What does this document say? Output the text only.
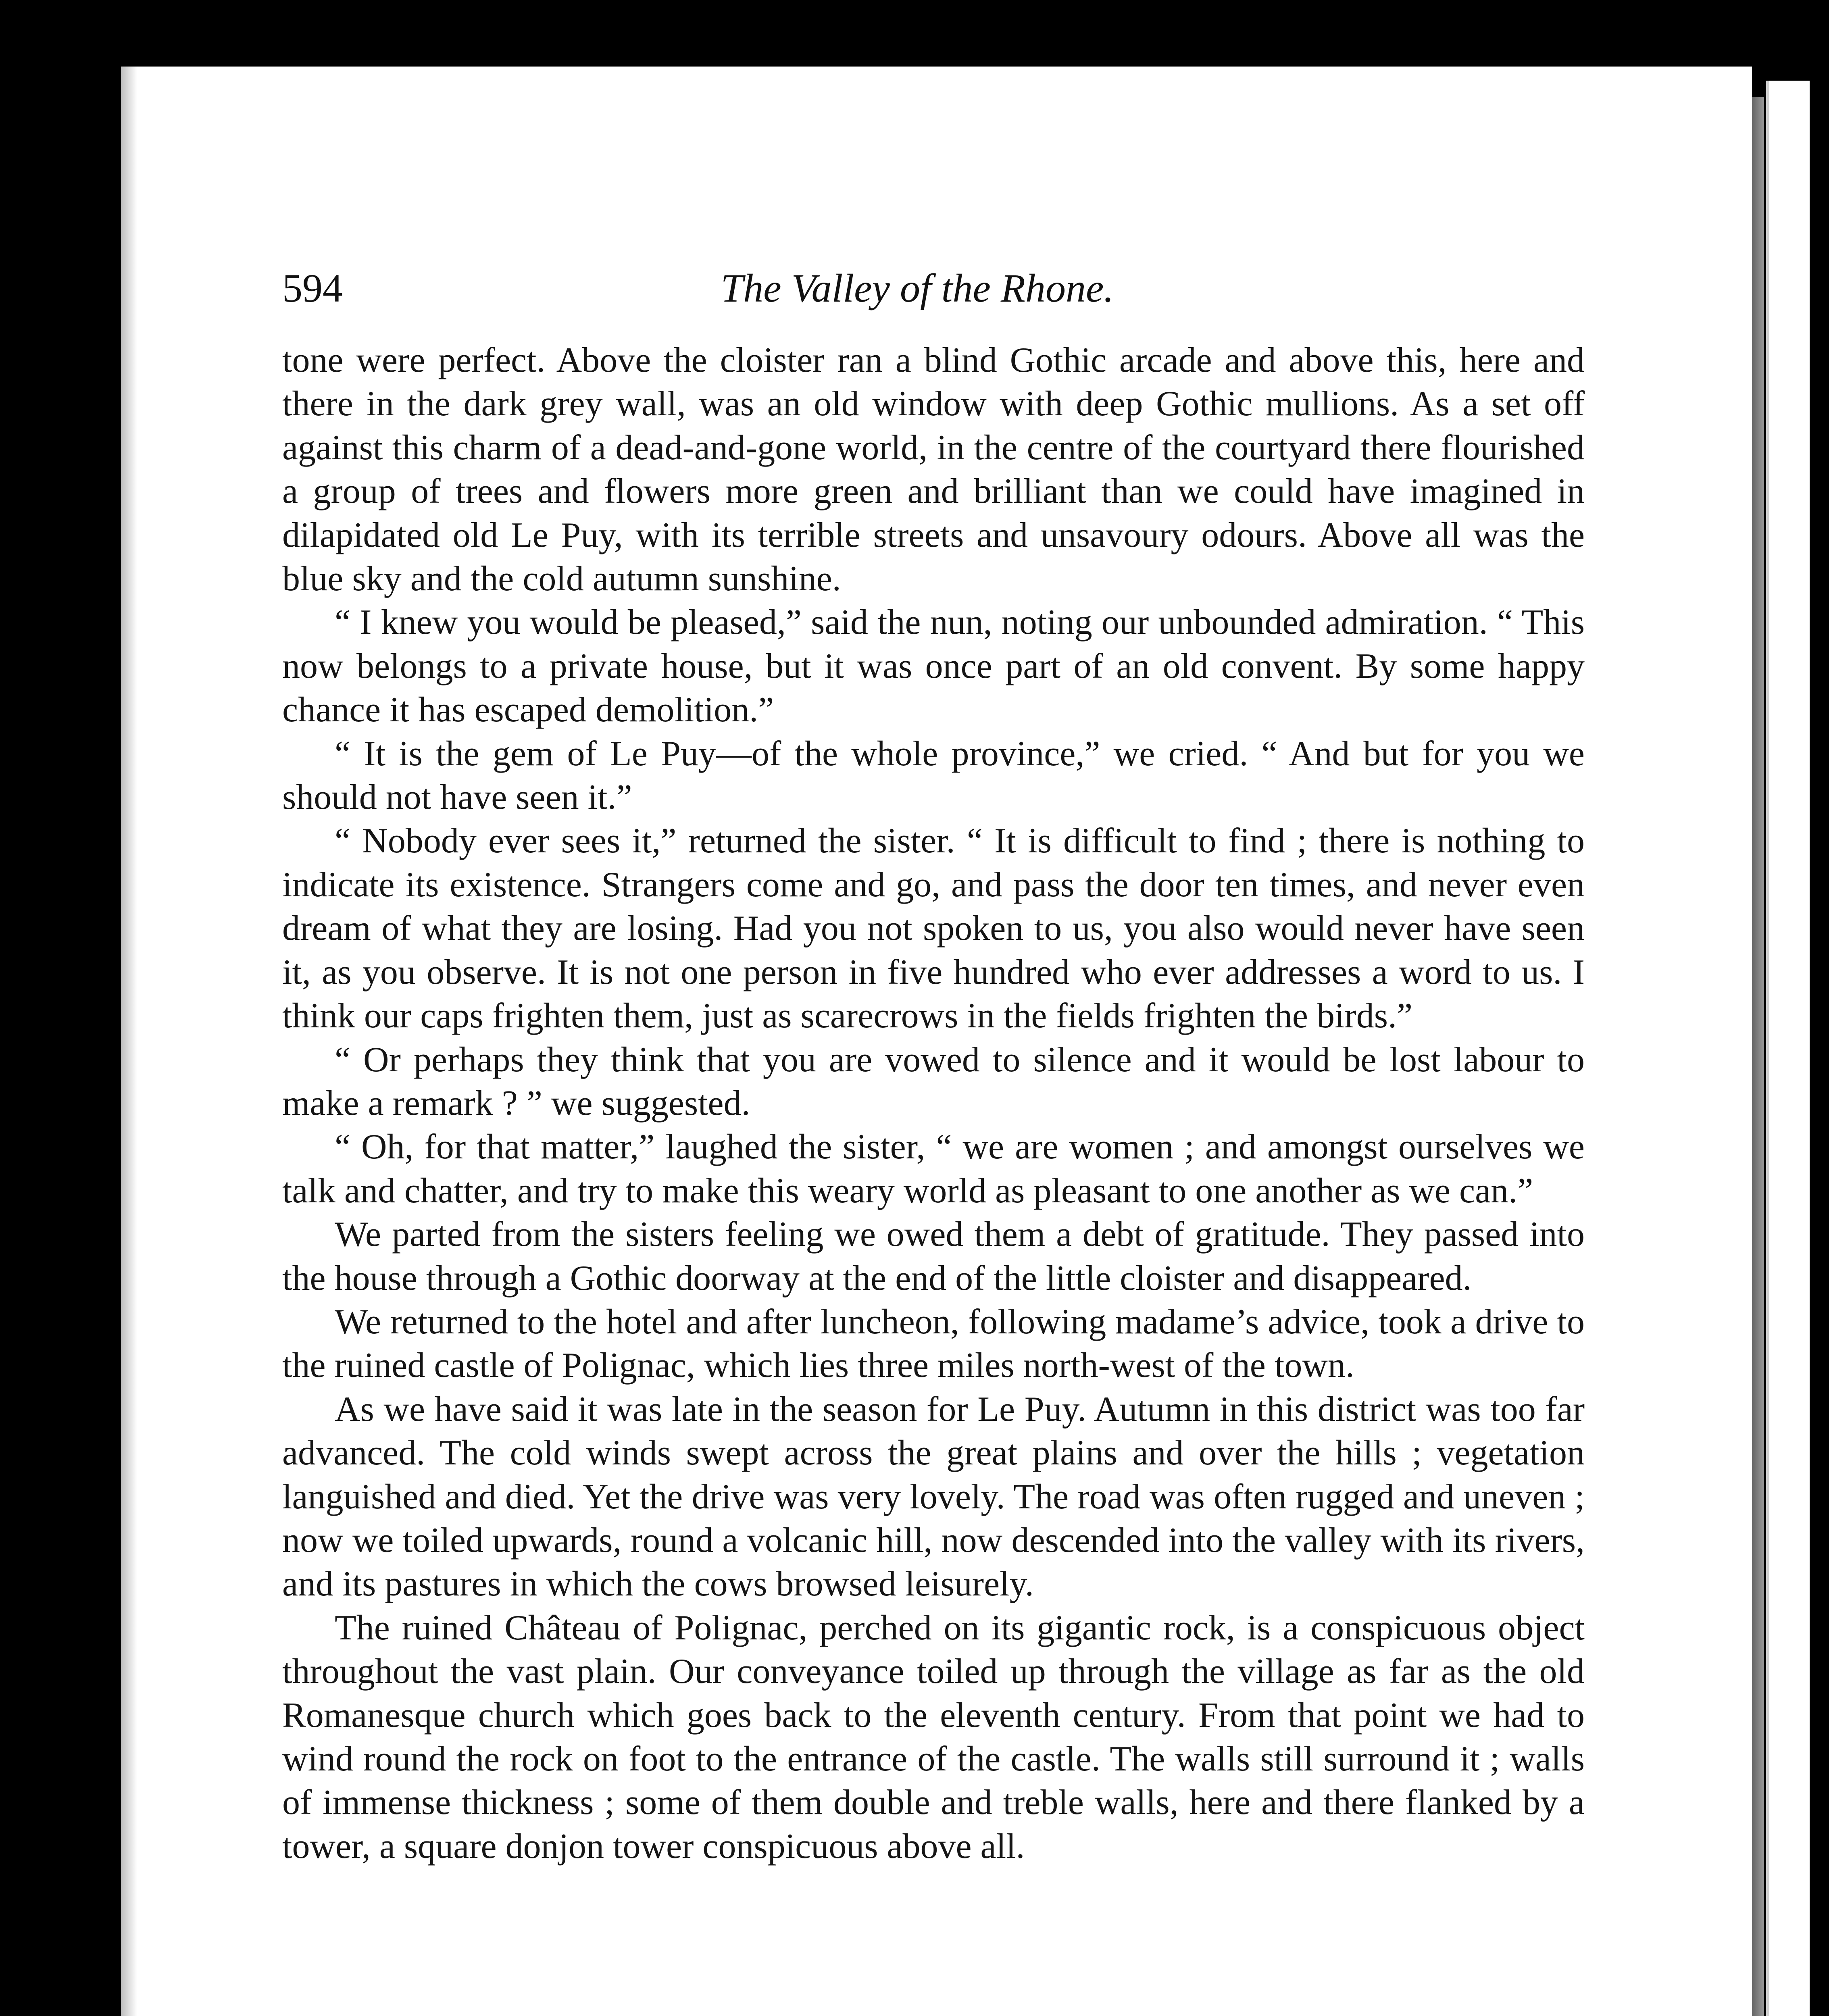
594	The Valley of the Rhone.

tone were perfect. Above the cloister ran a blind Gothic arcade and above this, here and there in the dark grey wall, was an old window with deep Gothic mullions. As a set off against this charm of a dead-and-gone world, in the centre of the courtyard there flourished a group of trees and flowers more green and brilliant than we could have imagined in dilapidated old Le Puy, with its terrible streets and unsavoury odours. Above all was the blue sky and the cold autumn sunshine.

“ I knew you would be pleased,” said the nun, noting our unbounded admiration. “ This now belongs to a private house, but it was once part of an old convent. By some happy chance it has escaped demolition.”

“ It is the gem of Le Puy—of the whole province,” we cried. “ And but for you we should not have seen it.”

“ Nobody ever sees it,” returned the sister. “ It is difficult to find ; there is nothing to indicate its existence. Strangers come and go, and pass the door ten times, and never even dream of what they are losing. Had you not spoken to us, you also would never have seen it, as you observe. It is not one person in five hundred who ever addresses a word to us. I think our caps frighten them, just as scarecrows in the fields frighten the birds.”

“ Or perhaps they think that you are vowed to silence and it would be lost labour to make a remark ? ” we suggested.

“ Oh, for that matter,” laughed the sister, “ we are women ; and amongst ourselves we talk and chatter, and try to make this weary world as pleasant to one another as we can.”

We parted from the sisters feeling we owed them a debt of gratitude. They passed into the house through a Gothic doorway at the end of the little cloister and disappeared.

We returned to the hotel and after luncheon, following madame’s advice, took a drive to the ruined castle of Polignac, which lies three miles north-west of the town.

As we have said it was late in the season for Le Puy. Autumn in this district was too far advanced. The cold winds swept across the great plains and over the hills ; vegetation languished and died. Yet the drive was very lovely. The road was often rugged and uneven ; now we toiled upwards, round a volcanic hill, now descended into the valley with its rivers, and its pastures in which the cows browsed leisurely.

The ruined Château of Polignac, perched on its gigantic rock, is a conspicuous object throughout the vast plain. Our conveyance toiled up through the village as far as the old Romanesque church which goes back to the eleventh century. From that point we had to wind round the rock on foot to the entrance of the castle. The walls still surround it ; walls of immense thickness ; some of them double and treble walls, here and there flanked by a tower, a square donjon tower conspicuous above all.
